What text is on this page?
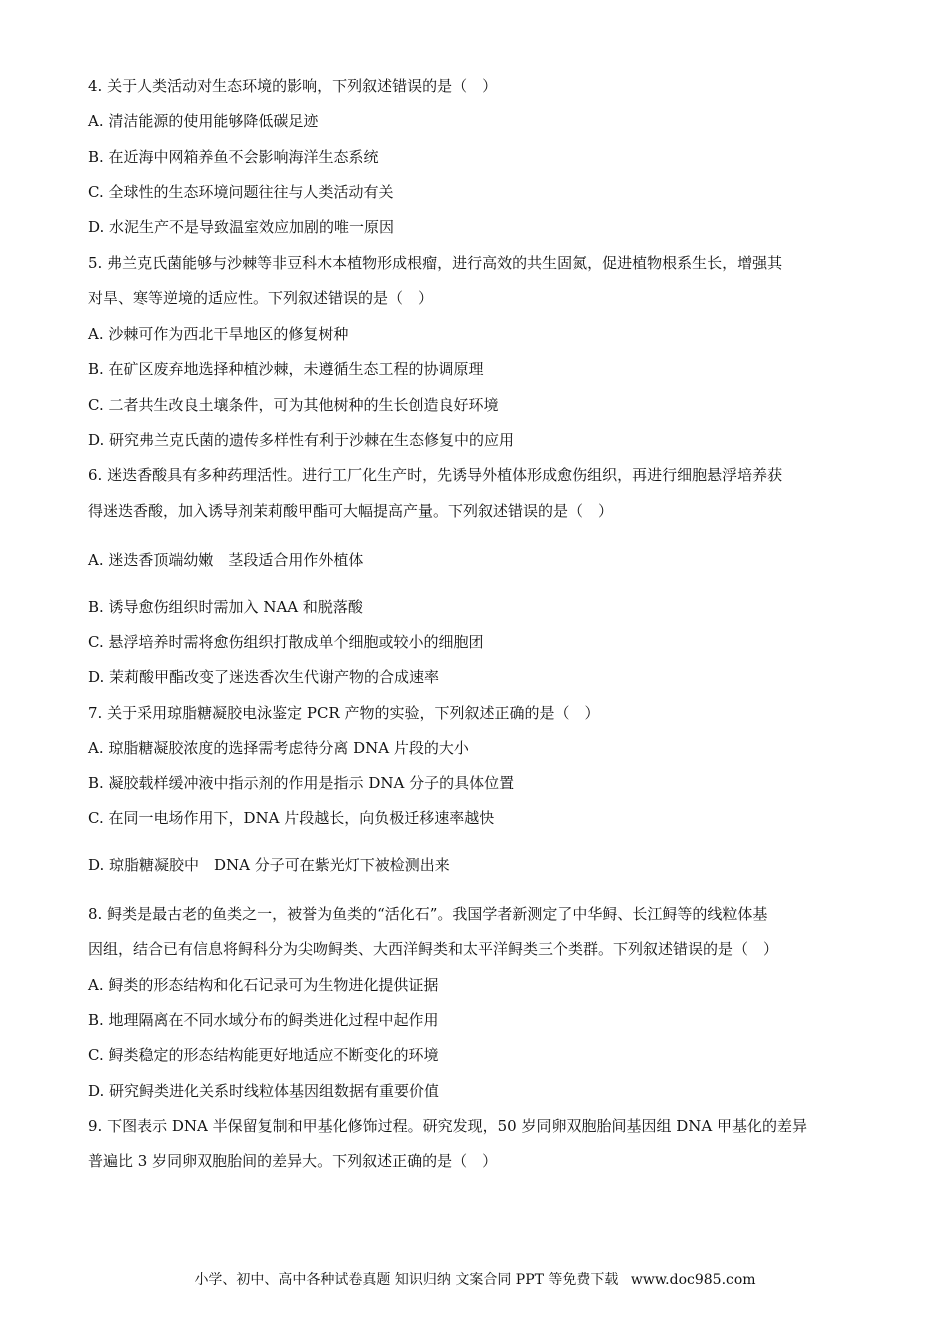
4. 关于人类活动对生态环境的影响，下列叙述错误的是（　）
A. 清洁能源的使用能够降低碳足迹
B. 在近海中网箱养鱼不会影响海洋生态系统
C. 全球性的生态环境问题往往与人类活动有关
D. 水泥生产不是导致温室效应加剧的唯一原因
5. 弗兰克氏菌能够与沙棘等非豆科木本植物形成根瘤，进行高效的共生固氮，促进植物根系生长，增强其
对旱、寒等逆境的适应性。下列叙述错误的是（　）
A. 沙棘可作为西北干旱地区的修复树种
B. 在矿区废弃地选择种植沙棘，未遵循生态工程的协调原理
C. 二者共生改良土壤条件，可为其他树种的生长创造良好环境
D. 研究弗兰克氏菌的遗传多样性有利于沙棘在生态修复中的应用
6. 迷迭香酸具有多种药理活性。进行工厂化生产时，先诱导外植体形成愈伤组织，再进行细胞悬浮培养获
得迷迭香酸，加入诱导剂茉莉酸甲酯可大幅提高产量。下列叙述错误的是（　）
A. 迷迭香顶端幼嫩　茎段适合用作外植体
B. 诱导愈伤组织时需加入 NAA 和脱落酸
C. 悬浮培养时需将愈伤组织打散成单个细胞或较小的细胞团
D. 茉莉酸甲酯改变了迷迭香次生代谢产物的合成速率
7. 关于采用琼脂糖凝胶电泳鉴定 PCR 产物的实验，下列叙述正确的是（　）
A. 琼脂糖凝胶浓度的选择需考虑待分离 DNA 片段的大小
B. 凝胶载样缓冲液中指示剂的作用是指示 DNA 分子的具体位置
C. 在同一电场作用下，DNA 片段越长，向负极迁移速率越快
D. 琼脂糖凝胶中　DNA 分子可在紫光灯下被检测出来
8. 鲟类是最古老的鱼类之一，被誉为鱼类的“活化石”。我国学者新测定了中华鲟、长江鲟等的线粒体基
因组，结合已有信息将鲟科分为尖吻鲟类、大西洋鲟类和太平洋鲟类三个类群。下列叙述错误的是（　）
A. 鲟类的形态结构和化石记录可为生物进化提供证据
B. 地理隔离在不同水域分布的鲟类进化过程中起作用
C. 鲟类稳定的形态结构能更好地适应不断变化的环境
D. 研究鲟类进化关系时线粒体基因组数据有重要价值
9. 下图表示 DNA 半保留复制和甲基化修饰过程。研究发现，50 岁同卵双胞胎间基因组 DNA 甲基化的差异
普遍比 3 岁同卵双胞胎间的差异大。下列叙述正确的是（　）
小学、初中、高中各种试卷真题 知识归纳 文案合同 PPT 等免费下载 www.doc985.com
